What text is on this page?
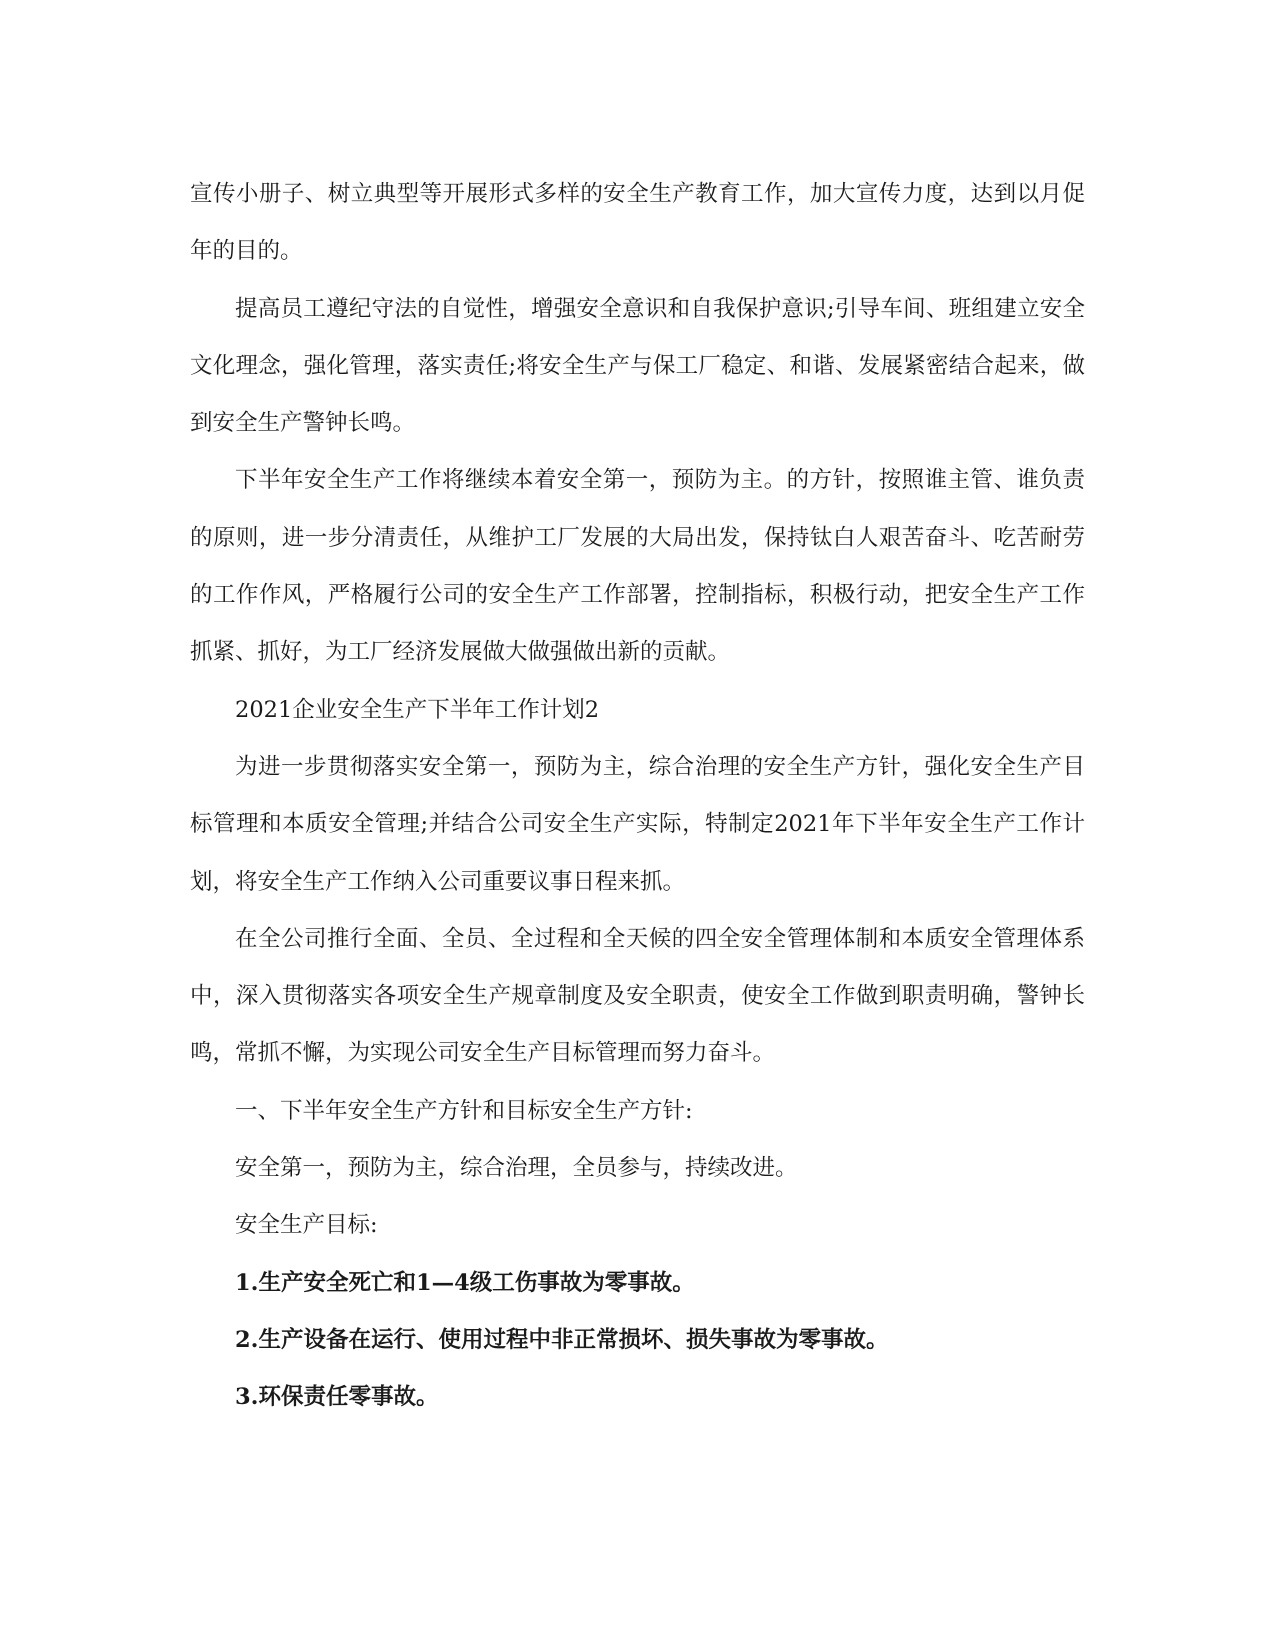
宣传小册子、树立典型等开展形式多样的安全生产教育工作，加大宣传力度，达到以月促年的目的。

提高员工遵纪守法的自觉性，增强安全意识和自我保护意识;引导车间、班组建立安全文化理念，强化管理，落实责任;将安全生产与保工厂稳定、和谐、发展紧密结合起来，做到安全生产警钟长鸣。

下半年安全生产工作将继续本着安全第一，预防为主。的方针，按照谁主管、谁负责的原则，进一步分清责任，从维护工厂发展的大局出发，保持钛白人艰苦奋斗、吃苦耐劳的工作作风，严格履行公司的安全生产工作部署，控制指标，积极行动，把安全生产工作抓紧、抓好，为工厂经济发展做大做强做出新的贡献。

2021企业安全生产下半年工作计划2

为进一步贯彻落实安全第一，预防为主，综合治理的安全生产方针，强化安全生产目标管理和本质安全管理;并结合公司安全生产实际，特制定2021年下半年安全生产工作计划，将安全生产工作纳入公司重要议事日程来抓。

在全公司推行全面、全员、全过程和全天候的四全安全管理体制和本质安全管理体系中，深入贯彻落实各项安全生产规章制度及安全职责，使安全工作做到职责明确，警钟长鸣，常抓不懈，为实现公司安全生产目标管理而努力奋斗。

一、下半年安全生产方针和目标安全生产方针:

安全第一，预防为主，综合治理，全员参与，持续改进。

安全生产目标:

1.生产安全死亡和1—4级工伤事故为零事故。

2.生产设备在运行、使用过程中非正常损坏、损失事故为零事故。

3.环保责任零事故。
